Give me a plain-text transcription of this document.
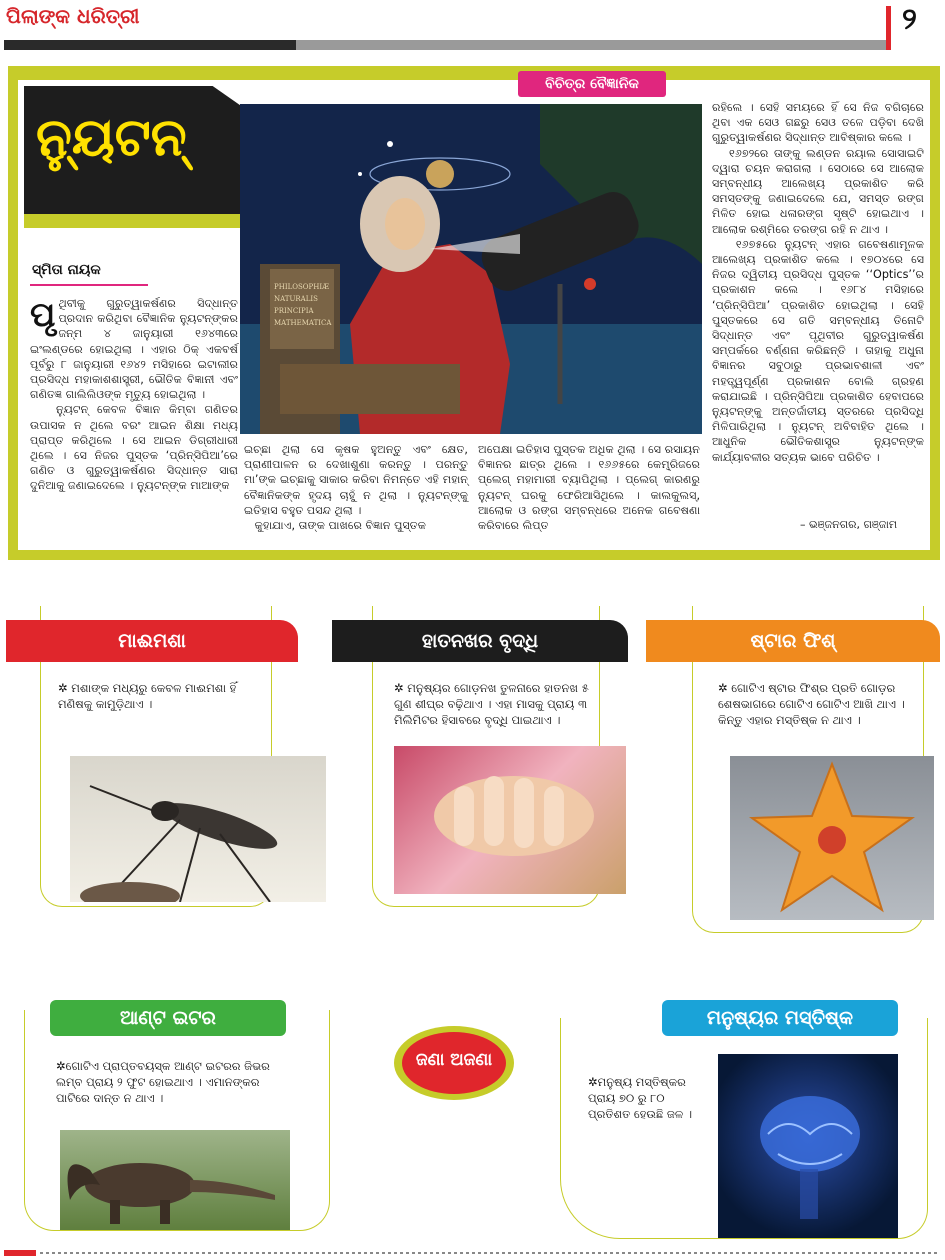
ପିଲାଙ୍କ ଧରିତ୍ରୀ	୨
ବିଚିତ୍ର ବୈଜ୍ଞାନିକ
ନ୍ୟୁଟନ୍
ସ୍ମିତା ନାୟକ
ପୃଥିବୀକୁ ଗୁରୁତ୍ୱାକର୍ଷଣର ସିଦ୍ଧାନ୍ତ ପ୍ରଦାନ କରିଥିବା ବୈଜ୍ଞାନିକ ନ୍ୟୁଟନ୍‌ଙ୍କର ଜନ୍ମ ୪ ଜାନୁୟାରୀ ୧୬୪୩ରେ ଇଂଲଣ୍ଡରେ ହୋଇଥିଲା । ଏହାର ଠିକ୍ ଏକବର୍ଷ ପୂର୍ବରୁ ୮ ଜାନୁୟାରୀ ୧୬୪୨ ମସିହାରେ ଇଟାଲୀର ପ୍ରସିଦ୍ଧ ମହାକାଶଶାସ୍ତ୍ରୀ, ଭୌତିକ ବିଜ୍ଞାନୀ ଏବଂ ଗଣିତଜ୍ଞ ଗାଲିଲିଓଙ୍କ ମୃତ୍ୟୁ ହୋଇଥିଲା ।
ନ୍ୟୁଟନ୍ କେବଳ ବିଜ୍ଞାନ କିମ୍ବା ଗଣିତର ଉପାସକ ନ ଥିଲେ ବରଂ ଆଇନ ଶିକ୍ଷା ମଧ୍ୟ ପ୍ରାପ୍ତ କରିଥିଲେ । ସେ ଆଇନ ଡିଗ୍ରୀଧାରୀ ଥିଲେ । ସେ ନିଜର ପୁସ୍ତକ ‘ପ୍ରିନ୍ସିପିଆ’ରେ ଗଣିତ ଓ ଗୁରୁତ୍ୱାକର୍ଷଣର ସିଦ୍ଧାନ୍ତ ସାରା ଦୁନିଆକୁ ଜଣାଇଦେଲେ । ନ୍ୟୁଟନ୍‌ଙ୍କ ମାଆଙ୍କ
PHILOSOPHIÆ
NATURALIS
PRINCIPIA
MATHEMATICA
ଇଚ୍ଛା ଥିଲା ସେ କୃଷକ ହୁଅନ୍ତୁ ଏବଂ କ୍ଷେତ, ପ୍ରାଣୀପାଳନ ର ଦେଖାଶୁଣା କରନ୍ତୁ । ପରନ୍ତୁ ମା’ଙ୍କ ଇଚ୍ଛାକୁ ସାକାର କରିବା ନିମନ୍ତେ ଏହି ମହାନ୍ ବୈଜ୍ଞାନିକଙ୍କ ହୃଦୟ ଚାହୁଁ ନ ଥିଲା । ନ୍ୟୁଟନ୍‌ଙ୍କୁ ଇତିହାସ ବହୁତ ପସନ୍ଦ ଥିଲା ।
କୁହାଯାଏ, ତାଙ୍କ ପାଖରେ ବିଜ୍ଞାନ ପୁସ୍ତକ
ଅପେକ୍ଷା ଇତିହାସ ପୁସ୍ତକ ଅଧିକ ଥିଲା । ସେ ରସାୟନ ବିଜ୍ଞାନର ଛାତ୍ର ଥିଲେ । ୧୬୬୫ରେ କେମ୍ବ୍ରିଜରେ ପ୍ଲେଗ୍ ମହାମାରୀ ବ୍ୟାପିଥିଲା । ପ୍ଲେଗ୍ କାରଣରୁ ନ୍ୟୁଟନ୍ ଘରକୁ ଫେରିଆସିଥିଲେ । କାଲକୁଲସ୍, ଆଲୋକ ଓ ରଙ୍ଗ ସମ୍ବନ୍ଧରେ ଅନେକ ଗବେଷଣା କରିବାରେ ଲିପ୍ତ
ରହିଲେ । ସେହି ସମୟରେ ହିଁ ସେ ନିଜ ବଗିଚାରେ ଥିବା ଏକ ସେଓ ଗଛରୁ ସେଓ ତଳେ ପଡ଼ିବା ଦେଖି ଗୁରୁତ୍ୱାକର୍ଷଣର ସିଦ୍ଧାନ୍ତ ଆବିଷ୍କାର କଲେ ।
୧୬୭୨ରେ ତାଙ୍କୁ ଲଣ୍ଡନ ରୟାଲ ସୋସାଇଟି ଦ୍ୱାରା ଚୟନ କରାଗଲା । ସେଠାରେ ସେ ଆଲୋକ ସମ୍ବନ୍ଧୀୟ ଆଲେଖ୍ୟ ପ୍ରକାଶିତ କରି ସମସ୍ତଙ୍କୁ ଜଣାଇଦେଲେ ଯେ, ସମସ୍ତ ରଙ୍ଗ ମିଳିତ ହୋଇ ଧଳାରଙ୍ଗ ସୃଷ୍ଟି ହୋଇଥାଏ । ଆଲୋକ ରଶ୍ମିରେ ତରଙ୍ଗ ରହି ନ ଥାଏ ।
୧୬୭୫ରେ ନ୍ୟୁଟନ୍ ଏହାର ଗବେଷଣାମୂଳକ ଆଲେଖ୍ୟ ପ୍ରକାଶିତ କଲେ । ୧୭୦୪ରେ ସେ ନିଜର ଦ୍ୱିତୀୟ ପ୍ରସିଦ୍ଧ ପୁସ୍ତକ ‘‘Optics’’ର ପ୍ରକାଶନ କଲେ । ୧୬୮୪ ମସିହାରେ ‘ପ୍ରିନ୍ସିପିଆ’ ପ୍ରକାଶିତ ହୋଇଥିଲା । ସେହି ପୁସ୍ତକରେ ସେ ଗତି ସମ୍ବନ୍ଧୀୟ ତିନୋଟି ସିଦ୍ଧାନ୍ତ ଏବଂ ପୃଥିବୀର ଗୁରୁତ୍ୱାକର୍ଷଣ ସମ୍ପର୍କରେ ବର୍ଣ୍ଣନା କରିଛନ୍ତି । ତାହାକୁ ଅଧୁନା ବିଜ୍ଞାନର ସବୁଠାରୁ ପ୍ରଭାବଶାଳୀ ଏବଂ ମହତ୍ତ୍ୱପୂର୍ଣ୍ଣ ପ୍ରକାଶନ ବୋଲି ଗ୍ରହଣ କରାଯାଇଛି । ପ୍ରିନ୍ସିପିଆ ପ୍ରକାଶିତ ହେବାପରେ ନ୍ୟୁଟନ୍‌ଙ୍କୁ ଅନ୍ତର୍ଜାତୀୟ ସ୍ତରରେ ପ୍ରସିଦ୍ଧି ମିଳିପାରିଥିଲା । ନ୍ୟୁଟନ୍ ଅବିବାହିତ ଥିଲେ । ଆଧୁନିକ ଭୌତିକଶାସ୍ତ୍ର ନ୍ୟୁଟନ୍‌ଙ୍କ କାର୍ଯ୍ୟାବଳୀର ସତ୍ୟକ ଭାବେ ପରିଚିତ ।
– ଭଞ୍ଜନଗର, ଗଞ୍ଜାମ
ମାଈମଶା
✲ ମଶାଙ୍କ ମଧ୍ୟରୁ କେବଳ ମାଈମଶା ହିଁ ମଣିଷକୁ କାମୁଡ଼ିଥାଏ ।
ହାତନଖର ବୃଦ୍ଧି
✲ ମନୁଷ୍ୟର ଗୋଡ଼ନଖ ତୁଳନାରେ ହାତନଖ ୫ ଗୁଣ ଶୀଘ୍ର ବଢ଼ିଥାଏ । ଏହା ମାସକୁ ପ୍ରାୟ ୩ ମିଲିମିଟର ହିସାବରେ ବୃଦ୍ଧି ପାଇଥାଏ ।
ଷ୍ଟାର ଫିଶ୍
✲ ଗୋଟିଏ ଷ୍ଟାର ଫିଶ୍‌ର ପ୍ରତି ଗୋଡ଼ର ଶେଷଭାଗରେ ଗୋଟିଏ ଗୋଟିଏ ଆଖି ଥାଏ । କିନ୍ତୁ ଏହାର ମସ୍ତିଷ୍କ ନ ଥାଏ ।
ଆଣ୍ଟ ଇଟର
✲ଗୋଟିଏ ପ୍ରାପ୍ତବୟସ୍କ ଆଣ୍ଟ ଇଟରର ଜିଭର ଲମ୍ବ ପ୍ରାୟ ୨ ଫୁଟ ହୋଇଥାଏ । ଏମାନଙ୍କର ପାଟିରେ ଦାନ୍ତ ନ ଥାଏ ।
ଜଣା ଅଜଣା
ମନୁଷ୍ୟର ମସ୍ତିଷ୍କ
✲ମନୁଷ୍ୟ ମସ୍ତିଷ୍କର ପ୍ରାୟ ୭୦ ରୁ ୮୦ ପ୍ରତିଶତ ହେଉଛି ଜଳ ।
